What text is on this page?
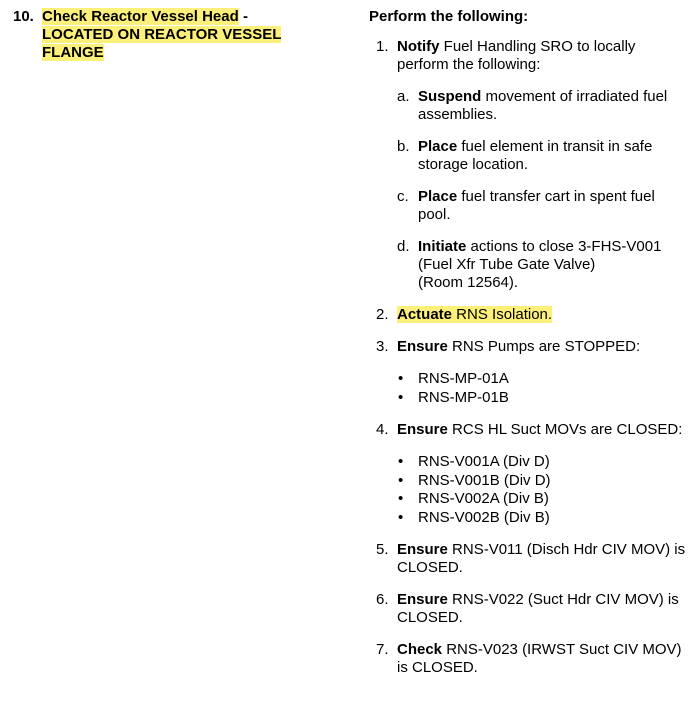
10. Check Reactor Vessel Head -
LOCATED ON REACTOR VESSEL FLANGE
Perform the following:
1. Notify Fuel Handling SRO to locally perform the following:
a. Suspend movement of irradiated fuel assemblies.
b. Place fuel element in transit in safe storage location.
c. Place fuel transfer cart in spent fuel pool.
d. Initiate actions to close 3-FHS-V001
(Fuel Xfr Tube Gate Valve)
(Room 12564).
2. Actuate RNS Isolation.
3. Ensure RNS Pumps are STOPPED:
• RNS-MP-01A
• RNS-MP-01B
4. Ensure RCS HL Suct MOVs are CLOSED:
• RNS-V001A (Div D)
• RNS-V001B (Div D)
• RNS-V002A (Div B)
• RNS-V002B (Div B)
5. Ensure RNS-V011 (Disch Hdr CIV MOV) is CLOSED.
6. Ensure RNS-V022 (Suct Hdr CIV MOV) is CLOSED.
7. Check RNS-V023 (IRWST Suct CIV MOV) is CLOSED.
